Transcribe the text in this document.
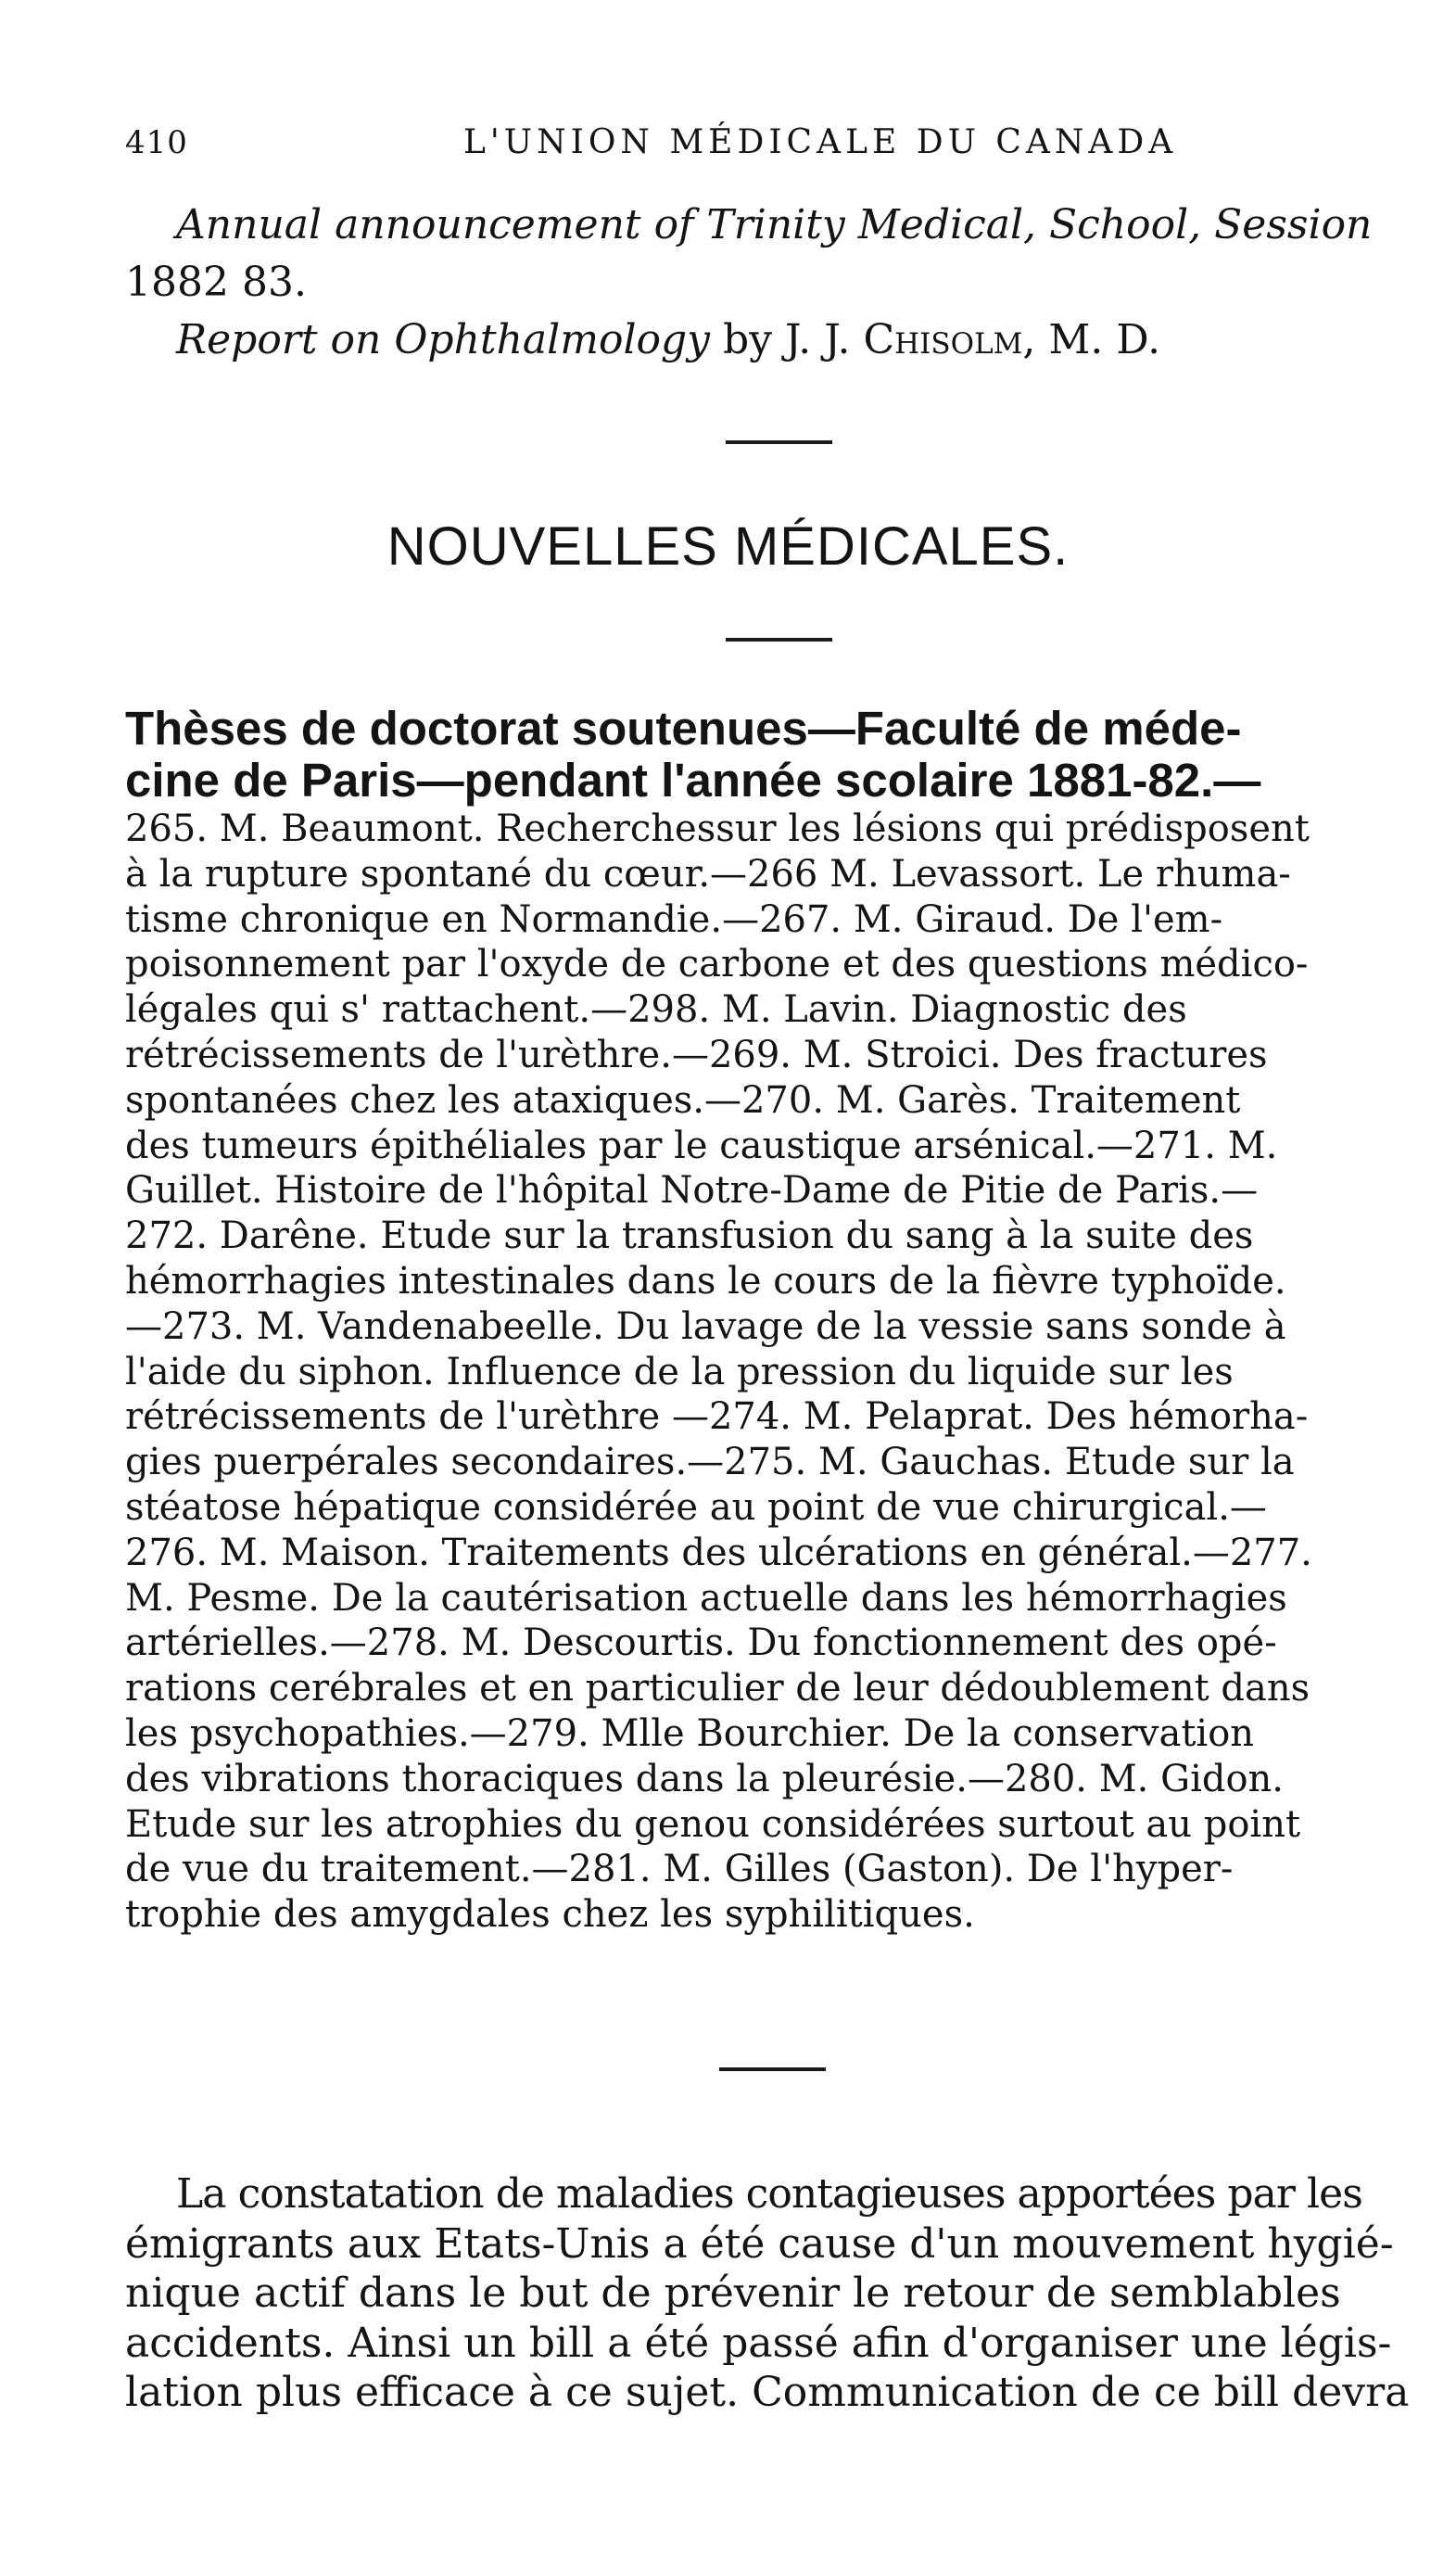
410	L'UNION MÉDICALE DU CANADA
Annual announcement of Trinity Medical, School, Session
1882 83.
Report on Ophthalmology by J. J. Chisolm, M. D.
NOUVELLES MÉDICALES.
Thèses de doctorat soutenues—Faculté de méde-
cine de Paris—pendant l'année scolaire 1881-82.—
265. M. Beaumont. Recherchessur les lésions qui prédisposent
à la rupture spontané du cœur.—266 M. Levassort. Le rhuma-
tisme chronique en Normandie.—267. M. Giraud. De l'em-
poisonnement par l'oxyde de carbone et des questions médico-
légales qui s' rattachent.—298. M. Lavin. Diagnostic des
rétrécissements de l'urèthre.—269. M. Stroici. Des fractures
spontanées chez les ataxiques.—270. M. Garès. Traitement
des tumeurs épithéliales par le caustique arsénical.—271. M.
Guillet. Histoire de l'hôpital Notre-Dame de Pitie de Paris.—
272. Darêne. Etude sur la transfusion du sang à la suite des
hémorrhagies intestinales dans le cours de la fièvre typhoïde.
—273. M. Vandenabeelle. Du lavage de la vessie sans sonde à
l'aide du siphon. Influence de la pression du liquide sur les
rétrécissements de l'urèthre —274. M. Pelaprat. Des hémorha-
gies puerpérales secondaires.—275. M. Gauchas. Etude sur la
stéatose hépatique considérée au point de vue chirurgical.—
276. M. Maison. Traitements des ulcérations en général.—277.
M. Pesme. De la cautérisation actuelle dans les hémorrhagies
artérielles.—278. M. Descourtis. Du fonctionnement des opé-
rations cerébrales et en particulier de leur dédoublement dans
les psychopathies.—279. Mlle Bourchier. De la conservation
des vibrations thoraciques dans la pleurésie.—280. M. Gidon.
Etude sur les atrophies du genou considérées surtout au point
de vue du traitement.—281. M. Gilles (Gaston). De l'hyper-
trophie des amygdales chez les syphilitiques.
La constatation de maladies contagieuses apportées par les
émigrants aux Etats-Unis a été cause d'un mouvement hygié-
nique actif dans le but de prévenir le retour de semblables
accidents. Ainsi un bill a été passé afin d'organiser une légis-
lation plus efficace à ce sujet. Communication de ce bill devra
